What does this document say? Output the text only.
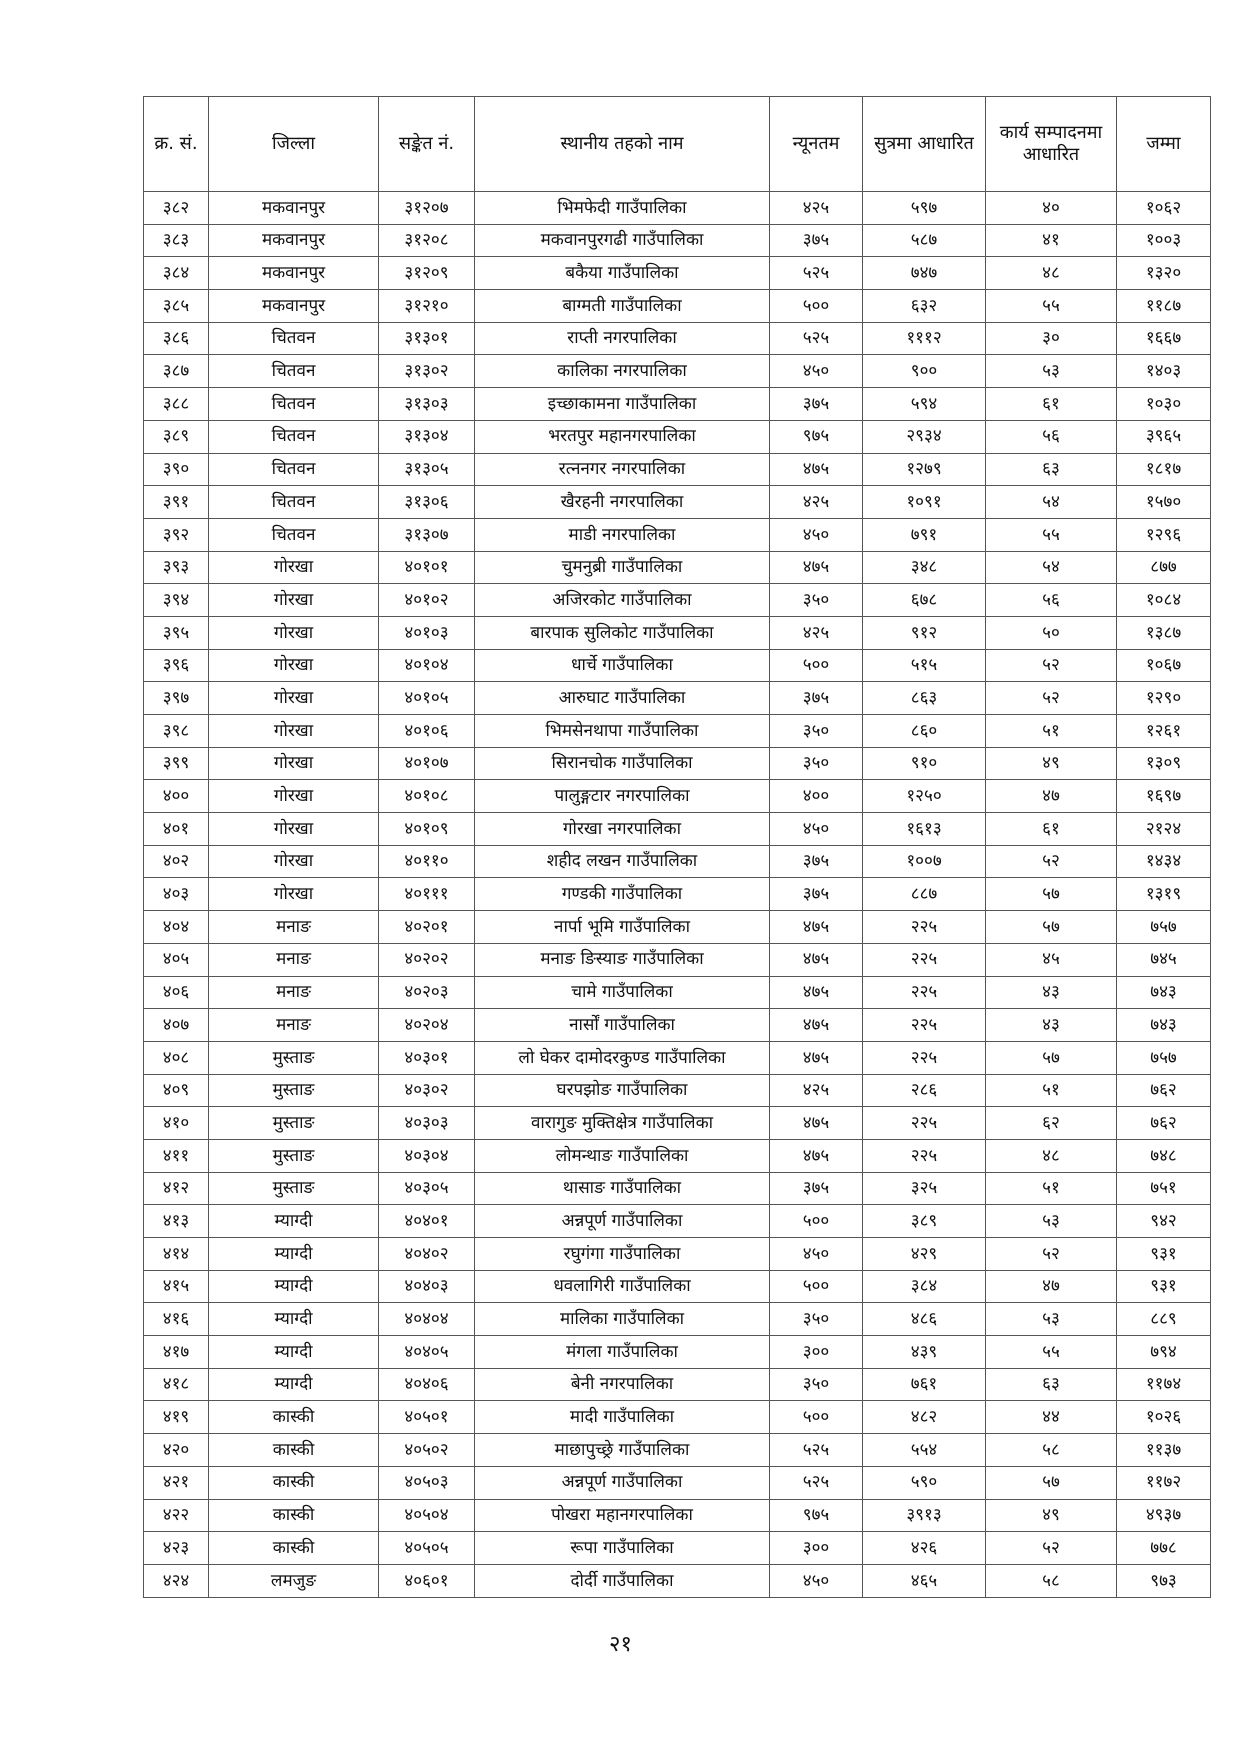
क्र. सं.	जिल्ला	सङ्केत नं.	स्थानीय तहको नाम	न्यूनतम	सुत्रमा आधारित	कार्य सम्पादनमा आधारित	जम्मा
३८२	मकवानपुर	३१२०७	भिमफेदी गाउँपालिका	४२५	५९७	४०	१०६२
३८३	मकवानपुर	३१२०८	मकवानपुरगढी गाउँपालिका	३७५	५८७	४१	१००३
३८४	मकवानपुर	३१२०९	बकैया गाउँपालिका	५२५	७४७	४८	१३२०
३८५	मकवानपुर	३१२१०	बाग्मती गाउँपालिका	५००	६३२	५५	११८७
३८६	चितवन	३१३०१	राप्ती नगरपालिका	५२५	१११२	३०	१६६७
३८७	चितवन	३१३०२	कालिका नगरपालिका	४५०	९००	५३	१४०३
३८८	चितवन	३१३०३	इच्छाकामना गाउँपालिका	३७५	५९४	६१	१०३०
३८९	चितवन	३१३०४	भरतपुर महानगरपालिका	९७५	२९३४	५६	३९६५
३९०	चितवन	३१३०५	रत्ननगर नगरपालिका	४७५	१२७९	६३	१८१७
३९१	चितवन	३१३०६	खैरहनी नगरपालिका	४२५	१०९१	५४	१५७०
३९२	चितवन	३१३०७	माडी नगरपालिका	४५०	७९१	५५	१२९६
३९३	गोरखा	४०१०१	चुमनुब्री गाउँपालिका	४७५	३४८	५४	८७७
३९४	गोरखा	४०१०२	अजिरकोट गाउँपालिका	३५०	६७८	५६	१०८४
३९५	गोरखा	४०१०३	बारपाक सुलिकोट गाउँपालिका	४२५	९१२	५०	१३८७
३९६	गोरखा	४०१०४	धार्चे गाउँपालिका	५००	५१५	५२	१०६७
३९७	गोरखा	४०१०५	आरुघाट गाउँपालिका	३७५	८६३	५२	१२९०
३९८	गोरखा	४०१०६	भिमसेनथापा गाउँपालिका	३५०	८६०	५१	१२६१
३९९	गोरखा	४०१०७	सिरानचोक गाउँपालिका	३५०	९१०	४९	१३०९
४००	गोरखा	४०१०८	पालुङ्गटार नगरपालिका	४००	१२५०	४७	१६९७
४०१	गोरखा	४०१०९	गोरखा नगरपालिका	४५०	१६१३	६१	२१२४
४०२	गोरखा	४०११०	शहीद लखन गाउँपालिका	३७५	१००७	५२	१४३४
४०३	गोरखा	४०१११	गण्डकी गाउँपालिका	३७५	८८७	५७	१३१९
४०४	मनाङ	४०२०१	नार्पा भूमि गाउँपालिका	४७५	२२५	५७	७५७
४०५	मनाङ	४०२०२	मनाङ ङिस्याङ गाउँपालिका	४७५	२२५	४५	७४५
४०६	मनाङ	४०२०३	चामे गाउँपालिका	४७५	२२५	४३	७४३
४०७	मनाङ	४०२०४	नार्सों गाउँपालिका	४७५	२२५	४३	७४३
४०८	मुस्ताङ	४०३०१	लो घेकर दामोदरकुण्ड गाउँपालिका	४७५	२२५	५७	७५७
४०९	मुस्ताङ	४०३०२	घरपझोङ गाउँपालिका	४२५	२८६	५१	७६२
४१०	मुस्ताङ	४०३०३	वारागुङ मुक्तिक्षेत्र गाउँपालिका	४७५	२२५	६२	७६२
४११	मुस्ताङ	४०३०४	लोमन्थाङ गाउँपालिका	४७५	२२५	४८	७४८
४१२	मुस्ताङ	४०३०५	थासाङ गाउँपालिका	३७५	३२५	५१	७५१
४१३	म्याग्दी	४०४०१	अन्नपूर्ण गाउँपालिका	५००	३८९	५३	९४२
४१४	म्याग्दी	४०४०२	रघुगंगा गाउँपालिका	४५०	४२९	५२	९३१
४१५	म्याग्दी	४०४०३	धवलागिरी गाउँपालिका	५००	३८४	४७	९३१
४१६	म्याग्दी	४०४०४	मालिका गाउँपालिका	३५०	४८६	५३	८८९
४१७	म्याग्दी	४०४०५	मंगला गाउँपालिका	३००	४३९	५५	७९४
४१८	म्याग्दी	४०४०६	बेनी नगरपालिका	३५०	७६१	६३	११७४
४१९	कास्की	४०५०१	मादी गाउँपालिका	५००	४८२	४४	१०२६
४२०	कास्की	४०५०२	माछापुच्छ्रे गाउँपालिका	५२५	५५४	५८	११३७
४२१	कास्की	४०५०३	अन्नपूर्ण गाउँपालिका	५२५	५९०	५७	११७२
४२२	कास्की	४०५०४	पोखरा महानगरपालिका	९७५	३९१३	४९	४९३७
४२३	कास्की	४०५०५	रूपा गाउँपालिका	३००	४२६	५२	७७८
४२४	लमजुङ	४०६०१	दोर्दी गाउँपालिका	४५०	४६५	५८	९७३
२१
